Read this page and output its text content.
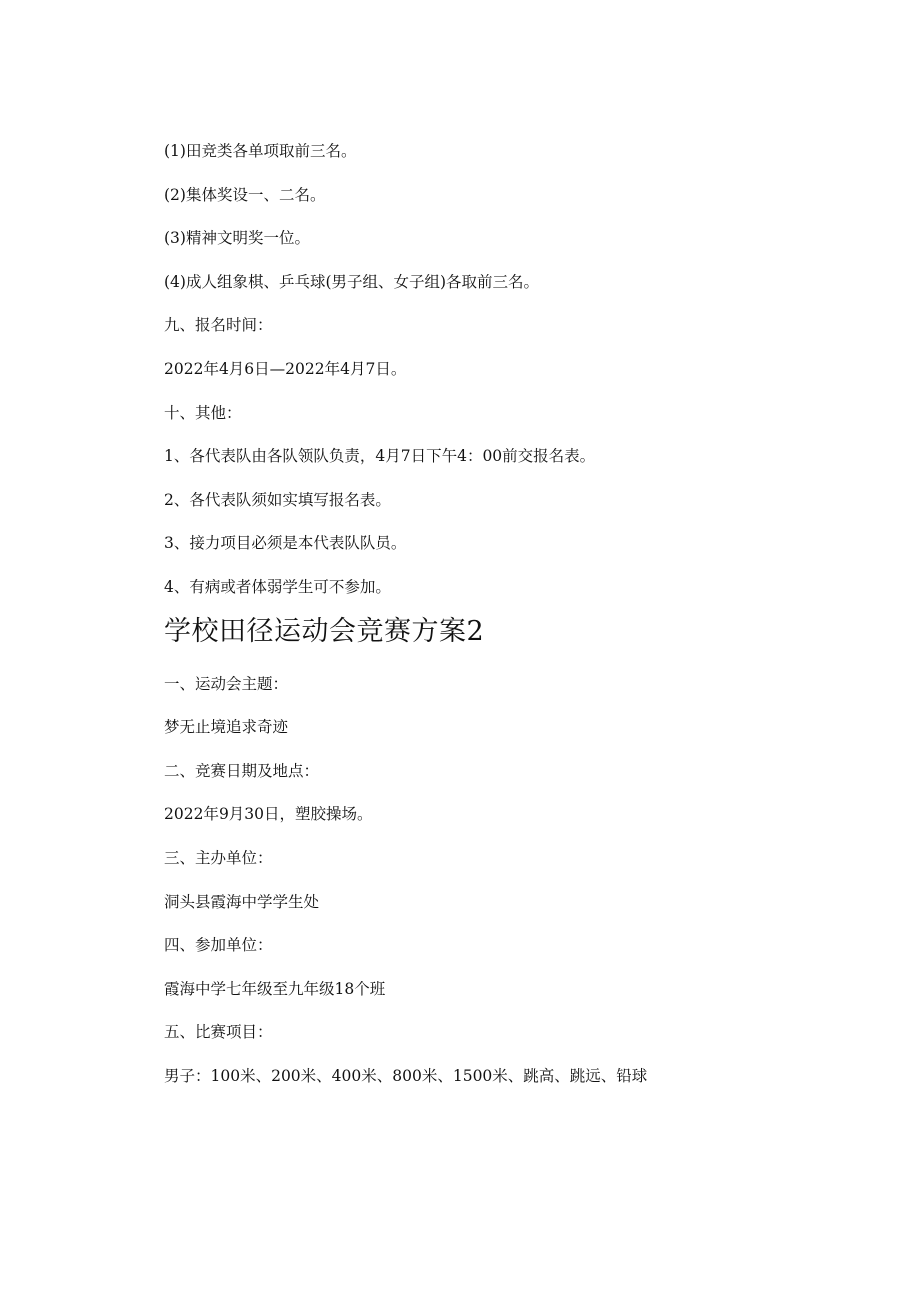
(1)田竞类各单项取前三名。
(2)集体奖设一、二名。
(3)精神文明奖一位。
(4)成人组象棋、乒乓球(男子组、女子组)各取前三名。
九、报名时间：
2022年4月6日—2022年4月7日。
十、其他：
1、各代表队由各队领队负责，4月7日下午4：00前交报名表。
2、各代表队须如实填写报名表。
3、接力项目必须是本代表队队员。
4、有病或者体弱学生可不参加。
学校田径运动会竞赛方案2
一、运动会主题：
梦无止境追求奇迹
二、竞赛日期及地点：
2022年9月30日，塑胶操场。
三、主办单位：
洞头县霞海中学学生处
四、参加单位：
霞海中学七年级至九年级18个班
五、比赛项目：
男子：100米、200米、400米、800米、1500米、跳高、跳远、铅球
